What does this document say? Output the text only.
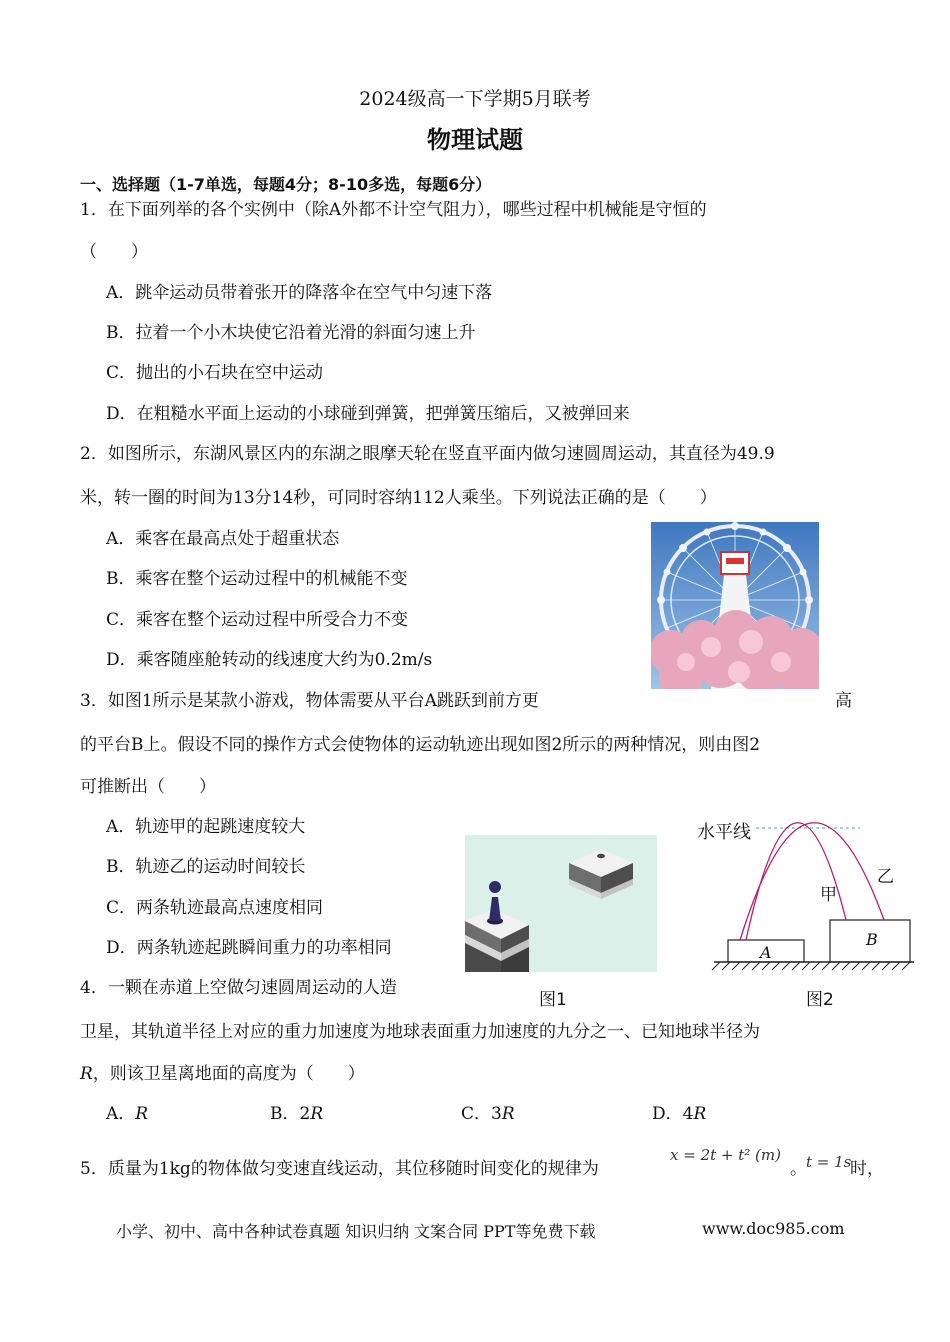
2024级高一下学期5月联考
物理试题
一、选择题（1-7单选，每题4分；8-10多选，每题6分）
1．在下面列举的各个实例中（除A外都不计空气阻力），哪些过程中机械能是守恒的
（　　）
A．跳伞运动员带着张开的降落伞在空气中匀速下落
B．拉着一个小木块使它沿着光滑的斜面匀速上升
C．抛出的小石块在空中运动
D．在粗糙水平面上运动的小球碰到弹簧，把弹簧压缩后，又被弹回来
2．如图所示，东湖风景区内的东湖之眼摩天轮在竖直平面内做匀速圆周运动，其直径为49.9
米，转一圈的时间为13分14秒，可同时容纳112人乘坐。下列说法正确的是（　　）
A．乘客在最高点处于超重状态
B．乘客在整个运动过程中的机械能不变
C．乘客在整个运动过程中所受合力不变
D．乘客随座舱转动的线速度大约为0.2m/s
3．如图1所示是某款小游戏，物体需要从平台A跳跃到前方更	高
的平台B上。假设不同的操作方式会使物体的运动轨迹出现如图2所示的两种情况，则由图2
可推断出（　　）
A．轨迹甲的起跳速度较大
B．轨迹乙的运动时间较长
C．两条轨迹最高点速度相同
D．两条轨迹起跳瞬间重力的功率相同
图1
水平线
甲
乙
A
B
图2
4．一颗在赤道上空做匀速圆周运动的人造
卫星，其轨道半径上对应的重力加速度为地球表面重力加速度的九分之一、已知地球半径为
R，则该卫星离地面的高度为（　　）
A．R	B．2R	C．3R	D．4R
5．质量为1kg的物体做匀变速直线运动，其位移随时间变化的规律为
x = 2t + t² (m)
。 t = 1s
时，
小学、初中、高中各种试卷真题 知识归纳 文案合同 PPT等免费下载	www.doc985.com
